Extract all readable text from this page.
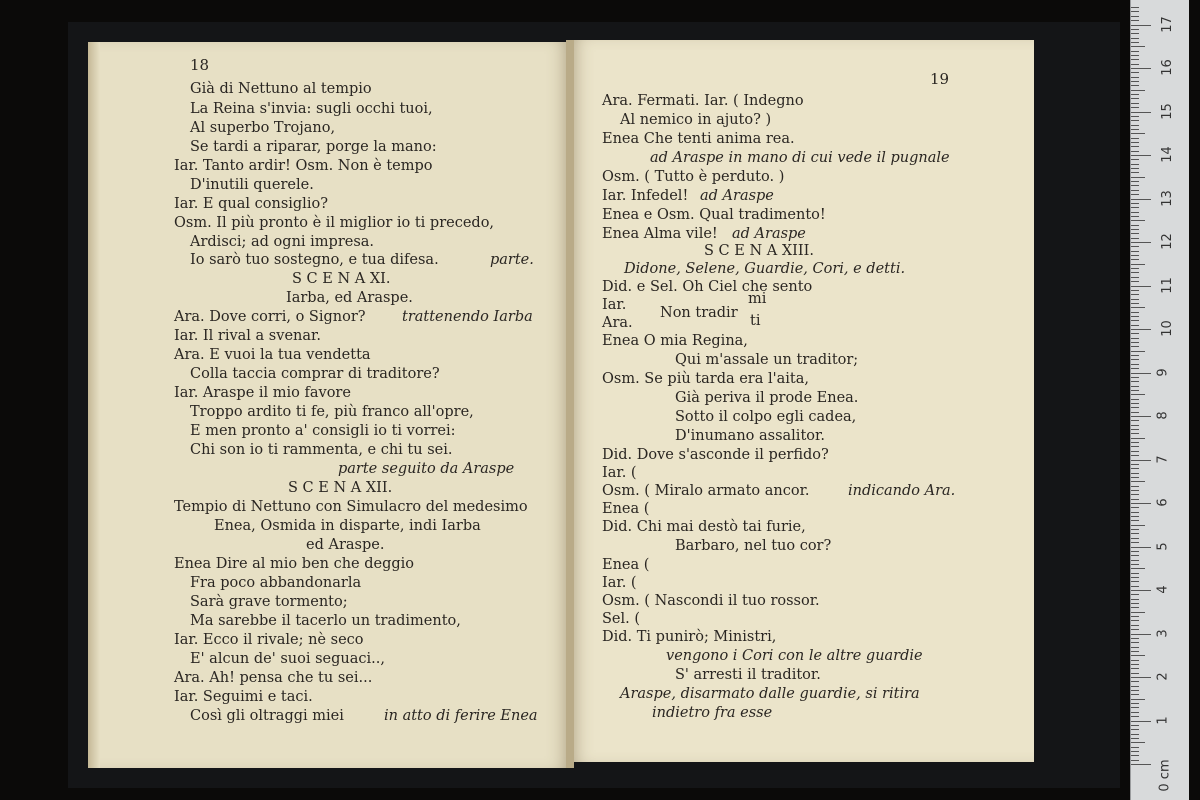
Già di Nettuno al tempio
La Reina s'invia: sugli occhi tuoi,
Al superbo Trojano,
Se tardi a riparar, porge la mano:
Iar. Tanto ardir! Osm. Non è tempo
D'inutili querele.
Iar. E qual consiglio?
Osm. Il più pronto è il miglior io ti precedo,
Ardisci; ad ogni impresa.
Io sarò tuo sostegno, e tua difesa.
S C E N A XI.
Iarba, ed Araspe.
Ara. Dove corri, o Signor?
Iar. Il rival a svenar.
Ara. E vuoi la tua vendetta
Colla taccia comprar di traditore?
Iar. Araspe il mio favore
Troppo ardito ti fe, più franco all'opre,
E men pronto a' consigli io ti vorrei:
Chi son io ti rammenta, e chi tu sei.
S C E N A XII.
Tempio di Nettuno con Simulacro del medesimo
Enea, Osmida in disparte, indi Iarba
ed Araspe.
Enea Dire al mio ben che deggio
Fra poco abbandonarla
Sarà grave tormento;
Ma sarebbe il tacerlo un tradimento,
Iar. Ecco il rivale; nè seco
E' alcun de' suoi seguaci..,
Ara. Ah! pensa che tu sei...
Iar. Seguimi e taci.
Così gli oltraggi miei
parte.
trattenendo Iarba
parte seguito da Araspe
in atto di ferire Enea
Ara. Fermati. Iar. ( Indegno
Al nemico in ajuto? )
Enea Che tenti anima rea.
Osm. ( Tutto è perduto. )
Iar. Infedel!
Enea e Osm. Qual tradimento!
Enea Alma vile!
S C E N A XIII.
Did. e Sel. Oh Ciel che sento
Iar. Non tradir
mi
Ara.	ti
Enea O mia Regina,
Qui m'assale un traditor;
Osm. Se più tarda era l'aita,
Già periva il prode Enea.
Sotto il colpo egli cadea,
D'inumano assalitor.
Did. Dove s'asconde il perfido?
Iar. (
Osm. ( Miralo armato ancor.
Enea (
Did. Chi mai destò tai furie,
Barbaro, nel tuo cor?
Enea (
Iar. (
Osm. ( Nascondi il tuo rossor.
Sel. (
Did. Ti punirò; Ministri,
S' arresti il traditor.
ad Araspe in mano di cui vede il pugnale
ad Araspe
ad Araspe
Didone, Selene, Guardie, Cori, e detti.
indicando Ara.
vengono i Cori con le altre guardie
Araspe, disarmato dalle guardie, si ritira
indietro fra esse
18
19
1
2
3
4
5
6
7
8
9
10
11
12
13
14
15
16
17
0 cm
